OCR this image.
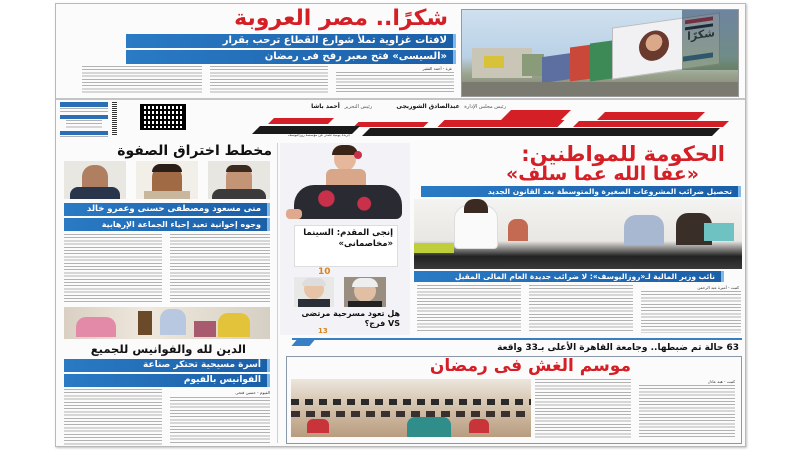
شكرًا.. مصر العروبة
لافتات غزاوية تملأ شوارع القطاع ترحب بقرار
«السيسى» فتح معبر رفح فى رمضان
غزة - أحمد الفقير
رئيس مجلس الإدارة عبدالصادق الشوربجى  رئيس التحرير أحمد باشا
جريدة يومية تصدر عن مؤسسة روزاليوسف
مخطط اختراق الصفوة
منى مسعود ومصطفى حسنى وعمرو خالد
وجوه إخوانية تعيد إحياء الجماعة الإرهابية
الدين لله والفوانيس للجميع
أسرة مسيحية تحتكر صناعة
الفوانيس بالفيوم
الفيوم - حسين فتحى
إنجى المقدم: السينما «مخاصمانى»
10
هل تعود مسرحية مرتضى VS فرج؟
13
الحكومة للمواطنين:
«عفا الله عما سلف»
تحصيل ضرائب المشروعات الصغيرة والمتوسطة بعد القانون الجديد
نائب وزير المالية لـ«روزاليوسف»: لا ضرائب جديدة العام المالى المقبل
كتبت - أميرة عبد الرحمن
63 حالة تم ضبطها.. وجامعة القاهرة الأعلى بـ33 واقعة
موسم الغش فى رمضان
كتبت - هبة عادل
